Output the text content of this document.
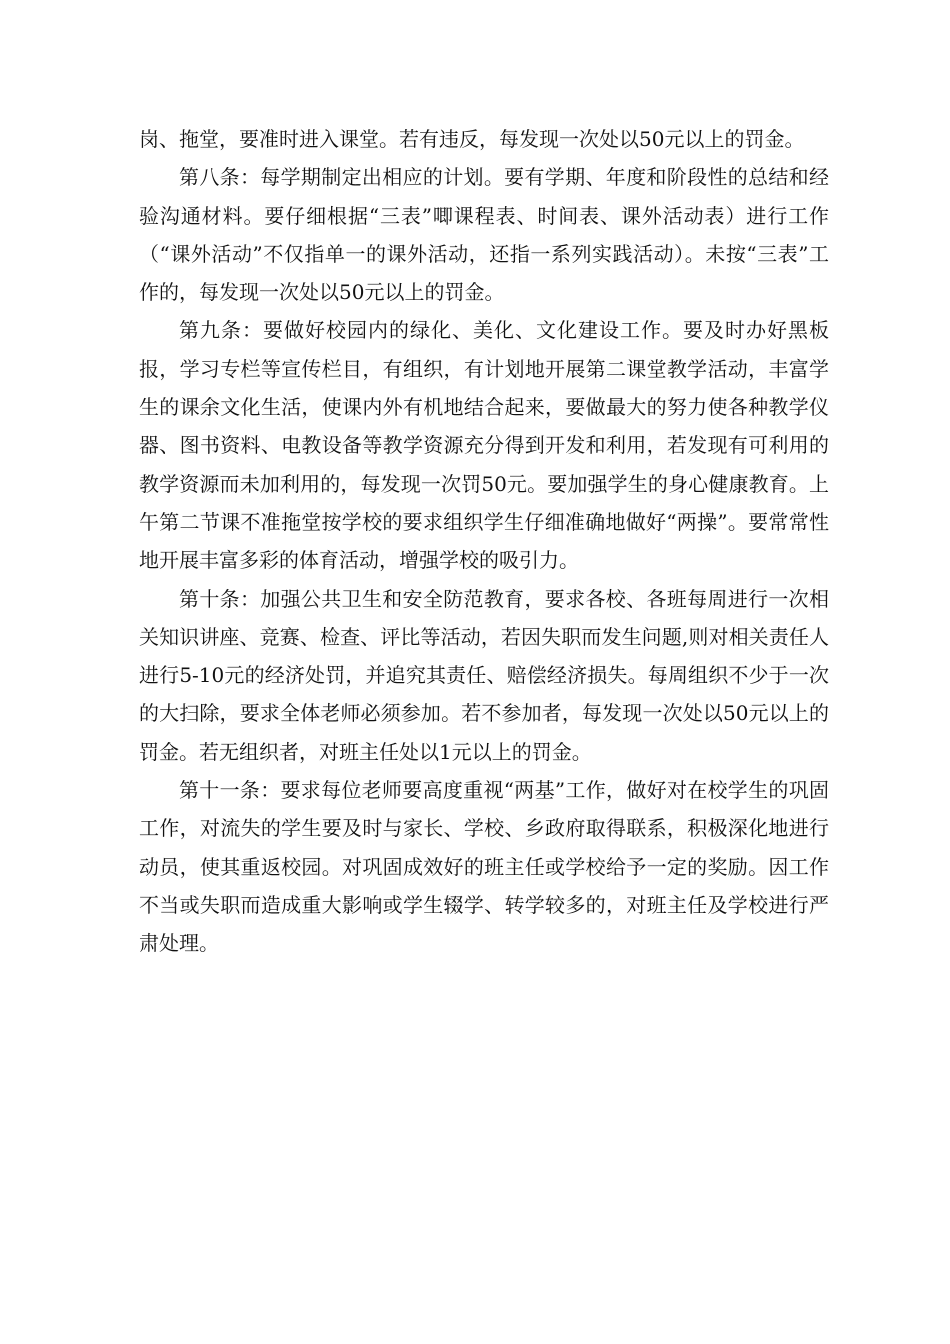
岗、拖堂，要准时进入课堂。若有违反，每发现一次处以50元以上的罚金。

第八条：每学期制定出相应的计划。要有学期、年度和阶段性的总结和经验沟通材料。要仔细根据“三表”唧课程表、时间表、课外活动表）进行工作（“课外活动”不仅指单一的课外活动，还指一系列实践活动）。未按“三表”工作的，每发现一次处以50元以上的罚金。

第九条：要做好校园内的绿化、美化、文化建设工作。要及时办好黑板报，学习专栏等宣传栏目，有组织，有计划地开展第二课堂教学活动，丰富学生的课余文化生活，使课内外有机地结合起来，要做最大的努力使各种教学仪器、图书资料、电教设备等教学资源充分得到开发和利用，若发现有可利用的教学资源而未加利用的，每发现一次罚50元。要加强学生的身心健康教育。上午第二节课不准拖堂按学校的要求组织学生仔细准确地做好“两操”。要常常性地开展丰富多彩的体育活动，增强学校的吸引力。

第十条：加强公共卫生和安全防范教育，要求各校、各班每周进行一次相关知识讲座、竞赛、检查、评比等活动，若因失职而发生问题,则对相关责任人进行5-10元的经济处罚，并追究其责任、赔偿经济损失。每周组织不少于一次的大扫除，要求全体老师必须参加。若不参加者，每发现一次处以50元以上的罚金。若无组织者，对班主任处以1元以上的罚金。

第十一条：要求每位老师要高度重视“两基”工作，做好对在校学生的巩固工作，对流失的学生要及时与家长、学校、乡政府取得联系，积极深化地进行动员，使其重返校园。对巩固成效好的班主任或学校给予一定的奖励。因工作不当或失职而造成重大影响或学生辍学、转学较多的，对班主任及学校进行严肃处理。
